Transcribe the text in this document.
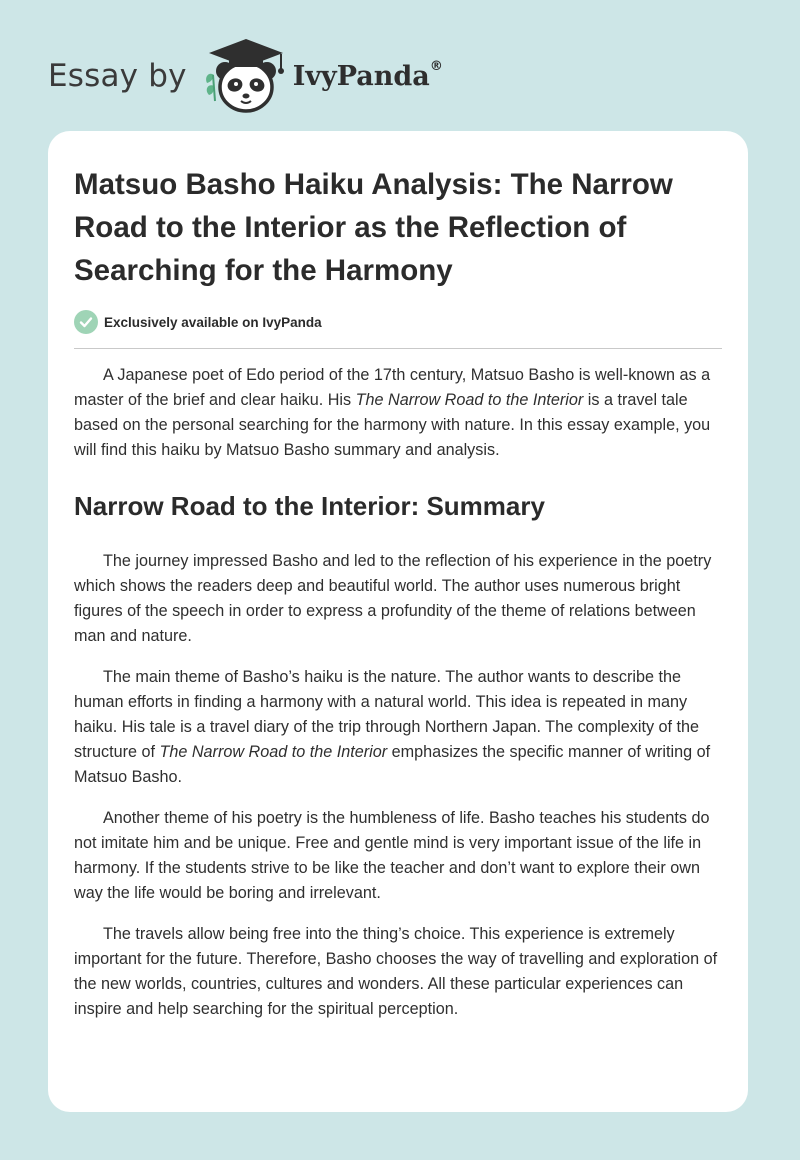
Essay by	IvyPanda®
Matsuo Basho Haiku Analysis: The Narrow Road to the Interior as the Reflection of Searching for the Harmony
Exclusively available on IvyPanda

A Japanese poet of Edo period of the 17th century, Matsuo Basho is well-known as a master of the brief and clear haiku. His The Narrow Road to the Interior is a travel tale based on the personal searching for the harmony with nature. In this essay example, you will find this haiku by Matsuo Basho summary and analysis.

Narrow Road to the Interior: Summary

The journey impressed Basho and led to the reflection of his experience in the poetry which shows the readers deep and beautiful world. The author uses numerous bright figures of the speech in order to express a profundity of the theme of relations between man and nature.

The main theme of Basho’s haiku is the nature. The author wants to describe the human efforts in finding a harmony with a natural world. This idea is repeated in many haiku. His tale is a travel diary of the trip through Northern Japan. The complexity of the structure of The Narrow Road to the Interior emphasizes the specific manner of writing of Matsuo Basho.

Another theme of his poetry is the humbleness of life. Basho teaches his students do not imitate him and be unique. Free and gentle mind is very important issue of the life in harmony. If the students strive to be like the teacher and don’t want to explore their own way the life would be boring and irrelevant.

The travels allow being free into the thing’s choice. This experience is extremely important for the future. Therefore, Basho chooses the way of travelling and exploration of the new worlds, countries, cultures and wonders. All these particular experiences can inspire and help searching for the spiritual perception.
